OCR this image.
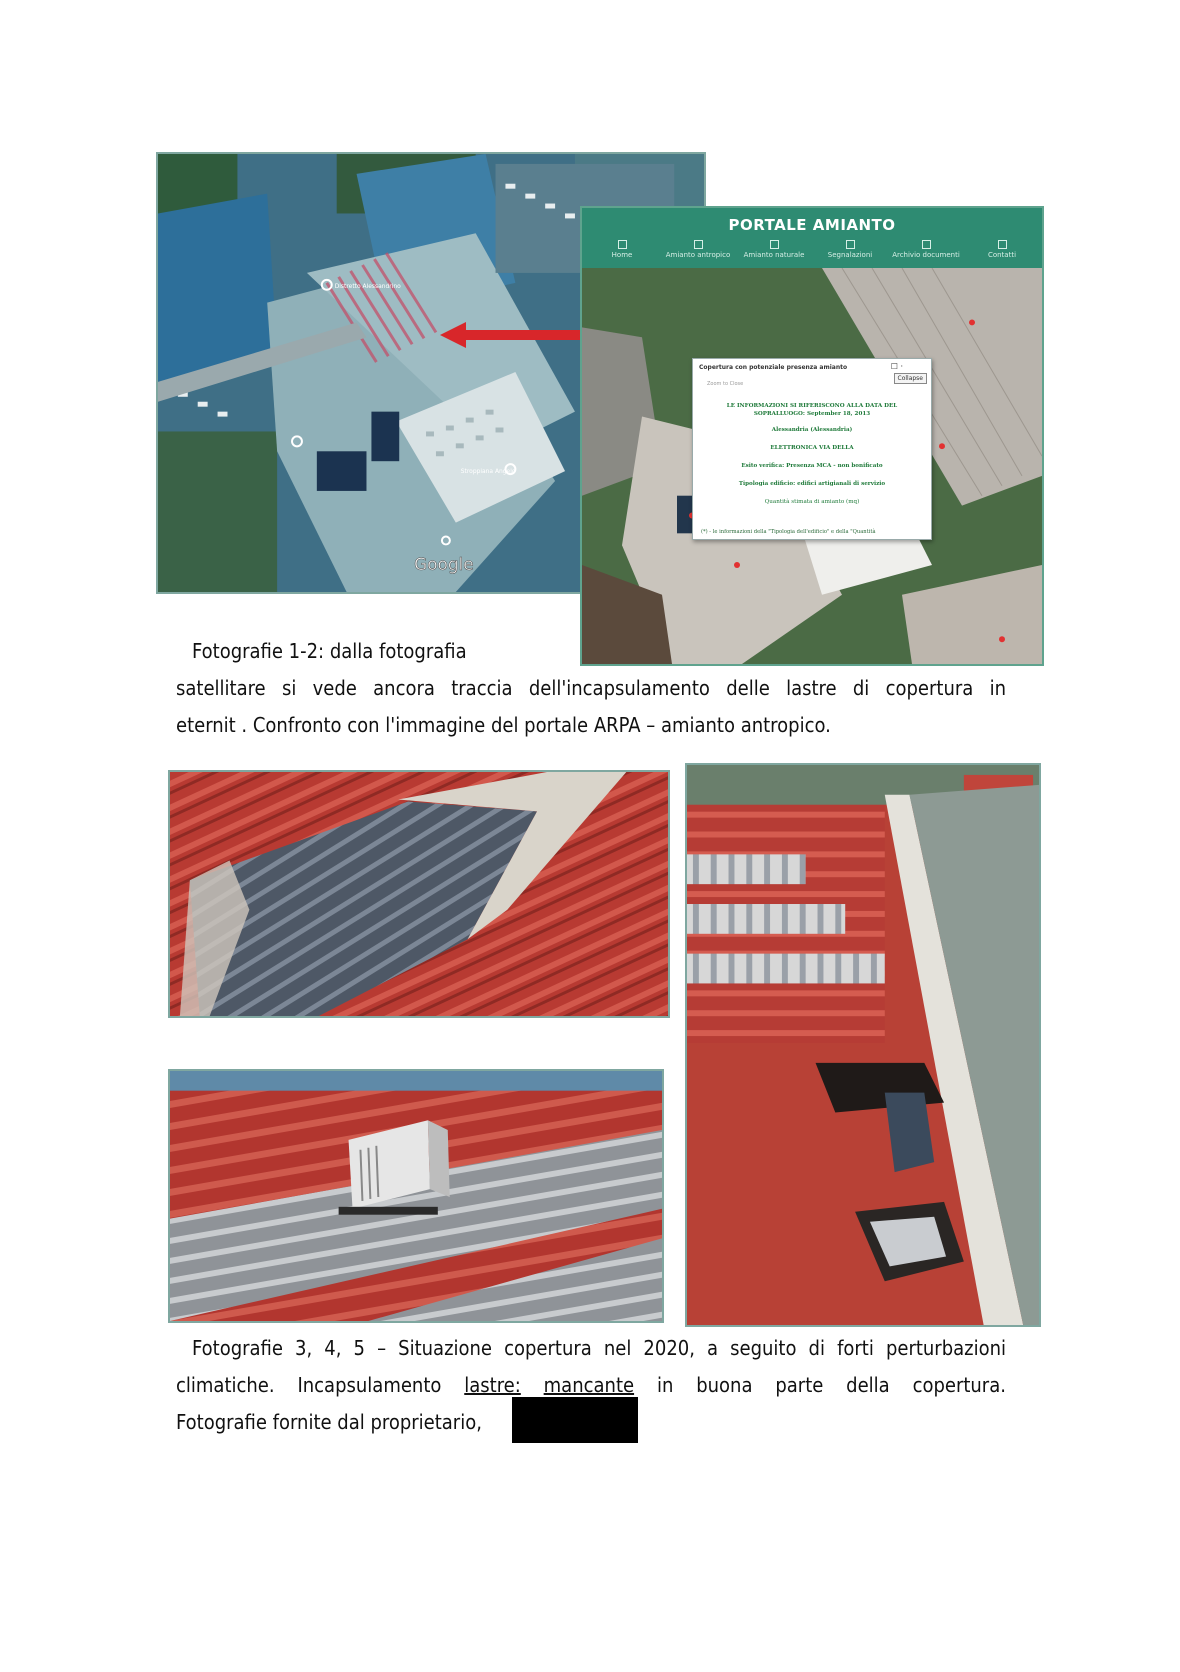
Distretto Alessandrino
Stroppiana Angelo
Google
PORTALE AMIANTO
Home	Amianto antropico	Amianto naturale	Segnalazioni	Archivio documenti	Contatti
Copertura con potenziale presenza amianto	☐ ·
Collapse
Zoom to Close
LE INFORMAZIONI SI RIFERISCONO ALLA DATA DEL
SOPRALLUOGO: September 18, 2013
Alessandria (Alessandria)
ELETTRONICA VIA DELLA
Esito verifica: Presenza MCA - non bonificato
Tipologia edificio: edifici artigianali di servizio
Quantità stimata di amianto (mq)
(*) - le informazioni della "Tipologia dell'edificio" e della "Quantità
Fotografie 1-2: dalla fotografia
satellitare si vede ancora traccia dell'incapsulamento delle lastre di copertura in
eternit . Confronto con l'immagine del portale ARPA – amianto antropico.
Fotografie 3, 4, 5 – Situazione copertura nel 2020, a seguito di forti perturbazioni
climatiche. Incapsulamento lastre: mancante in buona parte della copertura.
Fotografie fornite dal proprietario,
